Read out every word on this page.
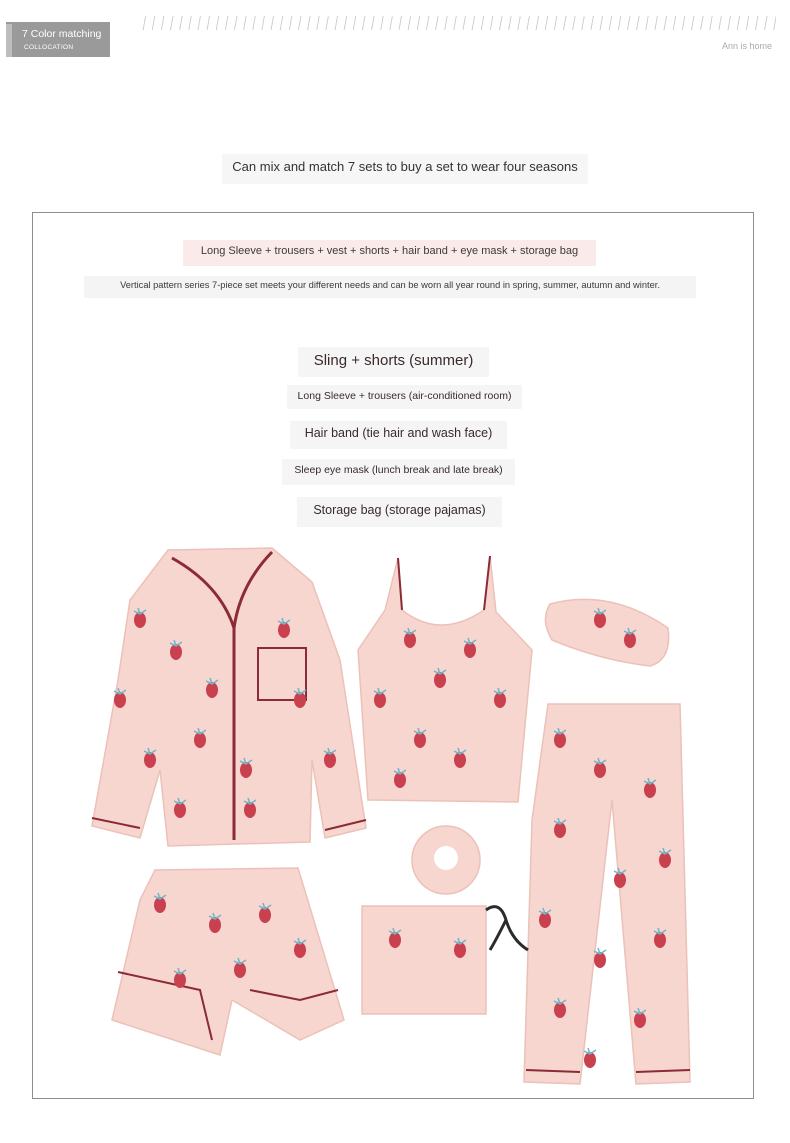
7 Color matching
COLLOCATION	Ann is home
Can mix and match 7 sets to buy a set to wear four seasons
Long Sleeve + trousers + vest + shorts + hair band + eye mask + storage bag
Vertical pattern series 7-piece set meets your different needs and can be worn all year round in spring, summer, autumn and winter.
Sling + shorts (summer)
Long Sleeve + trousers (air-conditioned room)
Hair band (tie hair and wash face)
Sleep eye mask (lunch break and late break)
Storage bag (storage pajamas)
